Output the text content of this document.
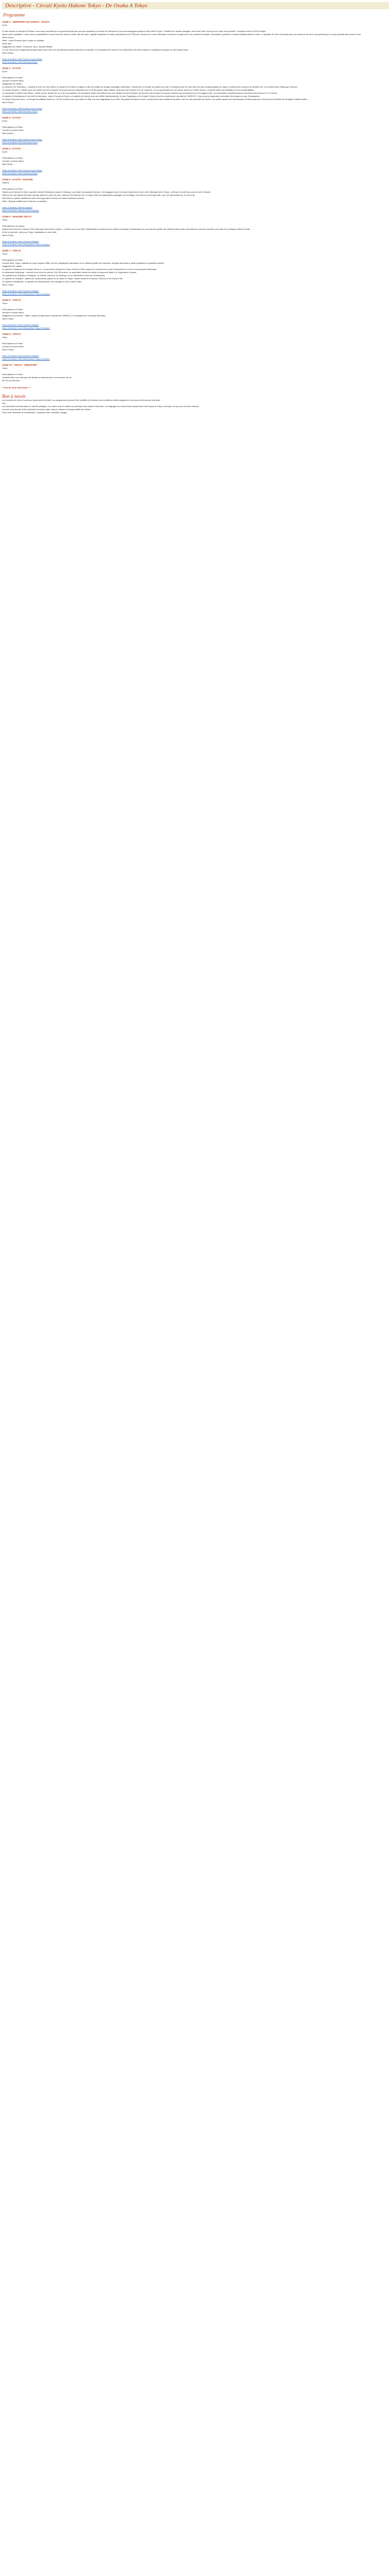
Descriptive - Circuit Kyoto Hakone Tokyo - De Osaka A Tokyo
Programme
JOUR 1 : AÉROPORT DU KANSAI - OSAKA
Kyoto

À votre arrivée à l'aéroport d'Osaka, vous serez accueilli par un guide francophone qui vous assistera à la sortie de l'aéroport et vous accompagnera jusqu'à votre hôtel à Kyoto. Transfert en navette partagée vers votre hôtel. Libre pour le reste de la journée. Comptez environ 1h30 de trajet.

Après votre installation, vous aurez la possibilité de vous promener dans la vieille ville de Kyoto, capitale impériale du Japon pendant plus de 1000 ans. Kyoto est le cœur historique et culturel du pays avec ses nombreux temples, sanctuaires, jardins et maisons traditionnelles en bois. Le quartier de Gion est réputé pour ses maisons de thé et ses geishas que l'on peut parfois apercevoir le soir.

Nuit à Kyoto.

Hôtel : Hotel Gracery Kyoto Sanjo ou similaire

Dîner libre.

Suggestion de visites : Pontocho, Gion, marché Nishiki.

Le soir, découvrez la gastronomie japonaise dans l'une des nombreuses petites adresses du quartier. Il est possible de réserver une expérience de dîner kaiseki en supplément auprès de votre agent local.

Nuit à Kyoto.

Hotel (3 étoiles): Hotel Gracery Kyoto Sanjo
Hotel (4 étoiles): Hotel Monterey Kyoto
JOUR 2 : KYOTO
Kyoto

Petit-déjeuner à l'hôtel.

Journée et soirée libres.

Suggestion de visites :

Le pavillon d'Or Kinkaku-ji : construit à la fin du XIVe siècle, le pavillon d'Or était à l'origine la villa de retraite du shogun Ashikaga Yoshimitsu. Transformé en temple zen après sa mort, il est aujourd'hui l'un des sites les plus emblématiques du Japon, entièrement recouvert de feuilles d'or, il se reflète dans l'étang qui l'entoure.

Le temple Ryoan-ji : célèbre pour son jardin sec zen composé de quinze pierres disposées sur un lit de gravier blanc ratissé. Quel que soit l'endroit d'où on l'observe, on ne peut jamais voir les quinze pierres en même temps. Ce jardin invite à la méditation et à la contemplation.

Le sanctuaire Fushimi Inari Taisha : dédié à Inari, divinité du riz et de la prospérité, ce sanctuaire shinto est célèbre pour ses milliers de torii vermillon qui forment des tunnels le long des chemins qui serpentent sur la montagne Inari. La promenade complète jusqu'au sommet prend environ 2 à 3 heures.

Le quartier d'Arashiyama et sa forêt de bambous : situé à l'ouest de Kyoto, ce quartier est réputé pour sa célèbre bambouseraie, le pont Togetsukyo et le temple Tenryu-ji inscrit au patrimoine mondial de l'UNESCO. Vous pourrez également rencontrer les singes du parc d'Iwatayama.

Le temple Kiyomizu-dera : ce temple bouddhiste fondé en 778 est construit sur une colline et offre une vue magnifique sur la ville. Sa grande terrasse en bois, soutenue par des centaines de piliers, est l'un des symboles de Kyoto. Les ruelles pavées de Sannenzaka et Ninenzaka qui y mènent sont bordées de boutiques traditionnelles.

Nuit à Kyoto.

Hotel (3 étoiles): Hotel Gracery Kyoto Sanjo
Hotel (4 étoiles): Hotel Monterey Kyoto
JOUR 3 : KYOTO
Kyoto

Petit-déjeuner à l'hôtel.

Journée et soirée libres.

Nuit à Kyoto.

Hotel (3 étoiles): Hotel Gracery Kyoto Sanjo
Hotel (4 étoiles): Hotel Monterey Kyoto
JOUR 4 : KYOTO
Kyoto

Petit-déjeuner à l'hôtel.

Journée et soirée libres.

Nuit à Nara.

Hotel (3 étoiles): Hotel Gracery Kyoto Sanjo
Hotel (4 étoiles): Hotel Monterey Kyoto
JOUR 5 : KYOTO - HAKONE
Hakone

Petit-déjeuner à l'hôtel.

Départ pour Hakone en train à grande vitesse Shinkansen jusqu'à Odawara, puis train local jusqu'à Hakone. Les bagages seront envoyés séparément vers votre hébergement à Tokyo ; prévoyez un petit sac pour la nuit à Hakone.

Hakone est une station thermale réputée située au cœur du parc national Fuji-Hakone-Izu. La région offre de magnifiques paysages de montagne, des lacs et, par temps clair, une vue imprenable sur le mont Fuji.

Nuit dans un ryokan traditionnel avec dîner japonais et accès aux bains thermaux (onsen).

Hôtel : Ryokan traditionnel à Hakone ou similaire.

Hotel (3 étoiles): Hakone Ryokan
Hotel (4 étoiles): Hakone Onsen Ryokan
JOUR 6 : HAKONE TOKYO
Tokyo

Petit-déjeuner au ryokan.

Départ seul à bord du Hakone Free Pass pour découvrir la région : croisière sur le lac Ashi, téléphérique au-dessus de la vallée volcanique d'Owakudani où vous pourrez goûter les célèbres œufs noirs cuits dans les sources chaudes, puis train de montagne Hakone Tozan.

En fin de journée, train pour Tokyo. Installation à votre hôtel.

Nuit à Tokyo.

Hotel (3 étoiles): Hotel Gracery Shinjuku
Hotel (4 étoiles): Hotel Metropolitan Tokyo Ikebukuro
JOUR 7 : TOKYO
Tokyo

Petit-déjeuner à l'hôtel.

Journée libre. Tokyo, capitale du Japon depuis 1868, est une mégalopole fascinante où se côtoient gratte-ciel futuristes, temples ancestraux, jardins paisibles et quartiers animés.

Suggestion de visites :

Le quartier d'Asakusa et le temple Senso-ji : le plus ancien temple de Tokyo, fondé en 628, auquel on accède par la porte Kaminarimon et la rue commerçante Nakamise.

Le sanctuaire Meiji-jingu : entouré d'une forêt de plus de 100 000 arbres, ce sanctuaire shinto est dédié à l'empereur Meiji et à l'impératrice Shoken.

Les quartiers de Shibuya et Harajuku : le célèbre carrefour de Shibuya, la rue Takeshita et l'avenue Omotesando.

Le quartier de Shinjuku : gratte-ciel, observatoire gratuit de la mairie de Tokyo, ruelles animées d'Omoide Yokocho et de Golden Gai.

Le quartier d'Akihabara : le paradis de l'électronique, des mangas et de la culture otaku.

Nuit à Tokyo.

Hotel (3 étoiles): Hotel Gracery Shinjuku
Hotel (4 étoiles): Hotel Metropolitan Tokyo Ikebukuro
JOUR 8 : TOKYO
Tokyo

Petit-déjeuner à l'hôtel.

Journée et soirée libres.

Suggestion d'excursion : Nikko, classé au patrimoine mondial de l'UNESCO, ou Kamakura et son grand Bouddha.

Nuit à Tokyo.

Hotel (3 étoiles): Hotel Gracery Shinjuku
Hotel (4 étoiles): Hotel Metropolitan Tokyo Ikebukuro
JOUR 9 : TOKYO
Tokyo

Petit-déjeuner à l'hôtel.

Journée et soirée libres.

Nuit à Tokyo.

Hotel (3 étoiles): Hotel Gracery Shinjuku
Hotel (4 étoiles): Hotel Metropolitan Tokyo Ikebukuro
JOUR 10 : TOKYO - AÉROPORT
Tokyo

Petit-déjeuner à l'hôtel.

Transfert libre vers l'aéroport de Narita ou Haneda selon vos horaires de vol.

Fin de nos services.

***FIN DE NOS SERVICES ***
Bon à savoir

Les horaires de vols ne sont pas inclus dans le forfait. Les programmes peuvent être modifiés en fonction des conditions météorologiques et des jours de fermeture des sites.

Info

Les transferts sont effectués en navette partagée. Les trains sont en classe économique avec places réservées. Les bagages sont acheminés séparément entre Kyoto et Tokyo, prévoyez un sac pour la nuit à Hakone.

Les prix sont donnés à titre indicatif et peuvent varier selon la saison et la disponibilité des hôtels.

Pour toute demande de modification, contactez votre conseiller voyage.
